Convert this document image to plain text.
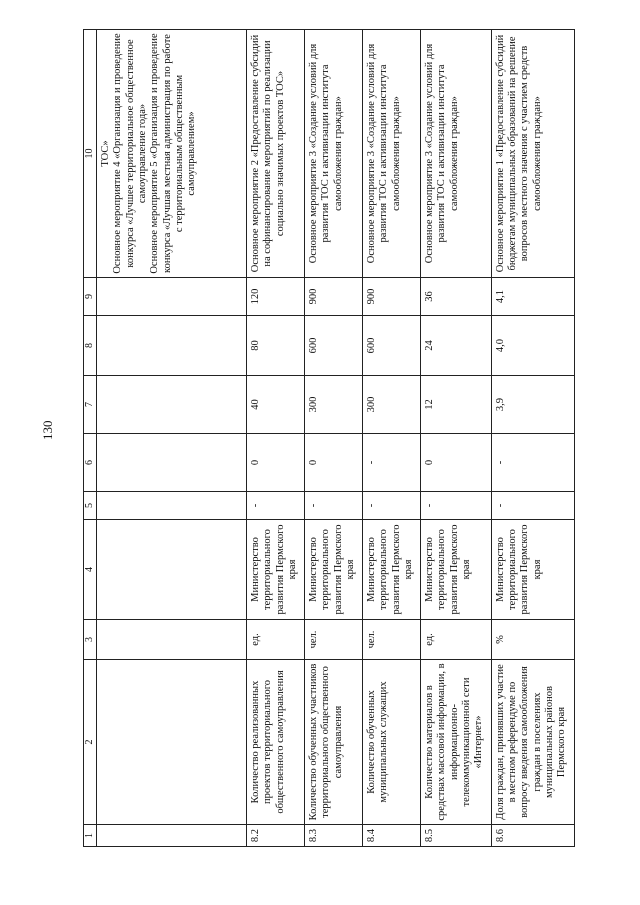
130
1	2	3	4	5	6	7	8	9	10
									ТОС»
Основное мероприятие 4 «Организация и проведение конкурса «Лучшее территориальное общественное самоуправление года»
Основное мероприятие 5 «Организация и проведение конкурса «Лучшая местная администрация по работе с территориальным общественным самоуправлением»
8.2	Количество реализованных проектов территориального общественного самоуправления	ед.	Министерство территориального развития Пермского края	-	0	40	80	120	Основное мероприятие 2 «Предоставление субсидий на софинансирование мероприятий по реализации социально значимых проектов ТОС»
8.3	Количество обученных участников территориального общественного самоуправления	чел.	Министерство территориального развития Пермского края	-	0	300	600	900	Основное мероприятие 3 «Создание условий для развития ТОС и активизации института самообложения граждан»
8.4	Количество обученных муниципальных служащих	чел.	Министерство территориального развития Пермского края	-	-	300	600	900	Основное мероприятие 3 «Создание условий для развития ТОС и активизации института самообложения граждан»
8.5	Количество материалов в средствах массовой информации, в информационно-телекоммуникационной сети «Интернет»	ед.	Министерство территориального развития Пермского края	-	0	12	24	36	Основное мероприятие 3 «Создание условий для развития ТОС и активизации института самообложения граждан»
8.6	Доля граждан, принявших участие в местном референдуме по вопросу введения самообложения граждан в поселениях муниципальных районов Пермского края	%	Министерство территориального развития Пермского края	-	-	3,9	4,0	4,1	Основное мероприятие 1 «Предоставление субсидий бюджетам муниципальных образований на решение вопросов местного значения с участием средств самообложения граждан»
